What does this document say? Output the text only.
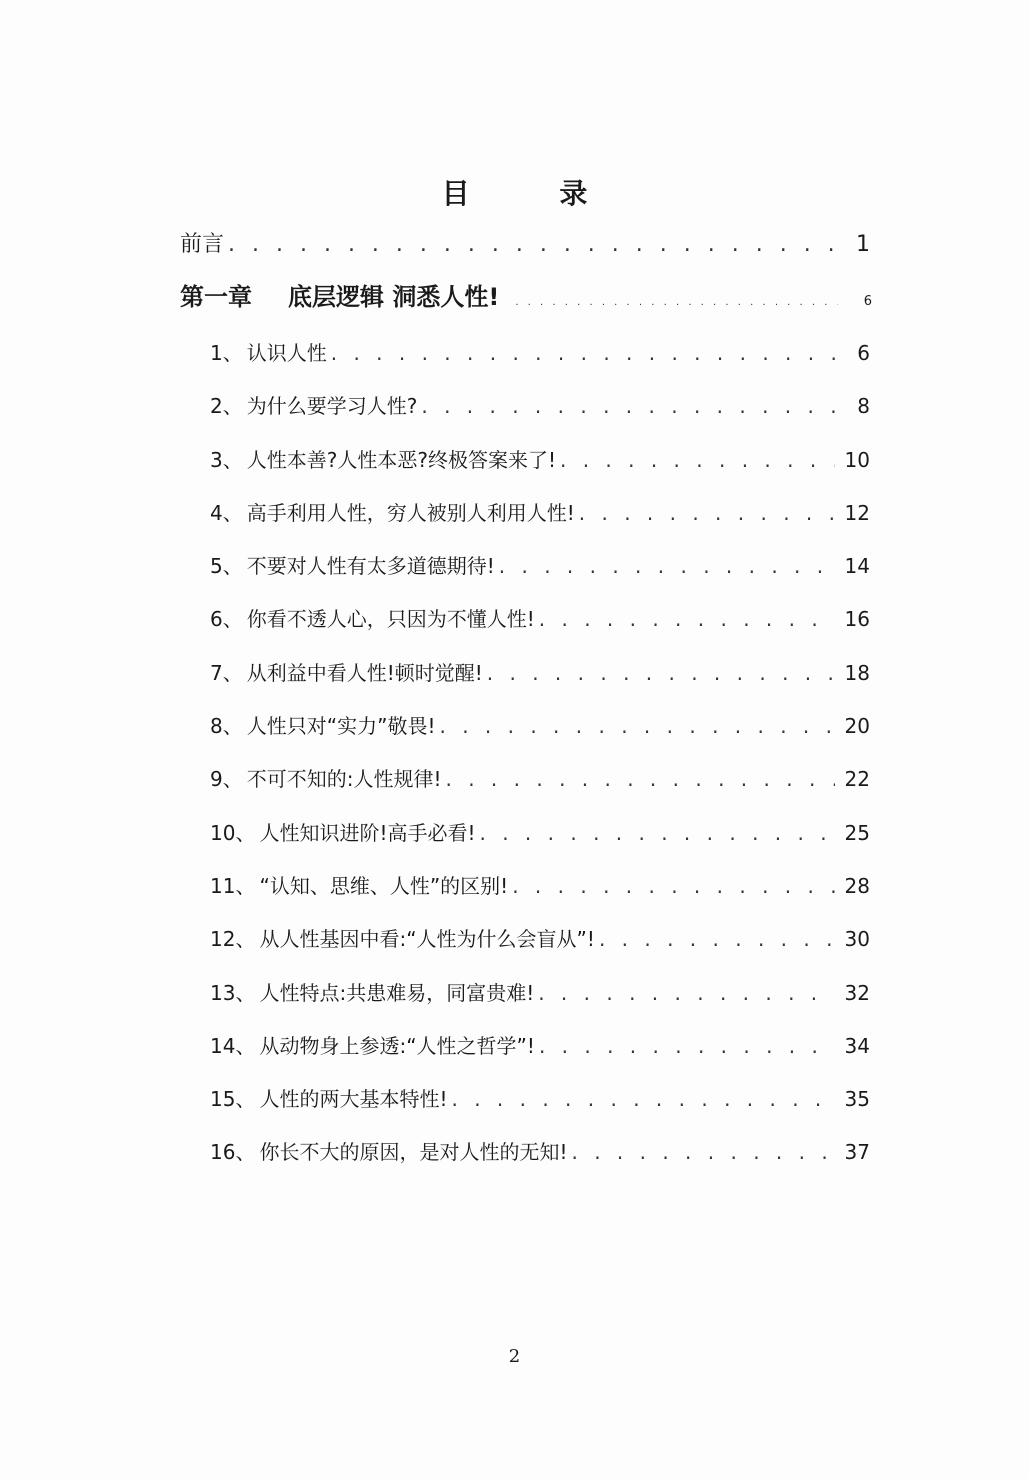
目 录
前言 . . .	1
第一章 底层逻辑 洞悉人性! . . .	6
1、 认识人性 . . .	6
2、 为什么要学习人性? . . .	8
3、 人性本善?人性本恶?终极答案来了! . . .	10
4、 高手利用人性，穷人被别人利用人性! . . .	12
5、 不要对人性有太多道德期待! . . .	14
6、 你看不透人心，只因为不懂人性! . . .	16
7、 从利益中看人性!顿时觉醒! . . .	18
8、 人性只对“实力”敬畏! . . .	20
9、 不可不知的:人性规律! . . .	22
10、 人性知识进阶!高手必看! . . .	25
11、 “认知、思维、人性”的区别! . . .	28
12、 从人性基因中看:“人性为什么会盲从”! . . .	30
13、 人性特点:共患难易，同富贵难! . . .	32
14、 从动物身上参透:“人性之哲学”! . . .	34
15、 人性的两大基本特性! . . .	35
16、 你长不大的原因，是对人性的无知! . . .	37
2
